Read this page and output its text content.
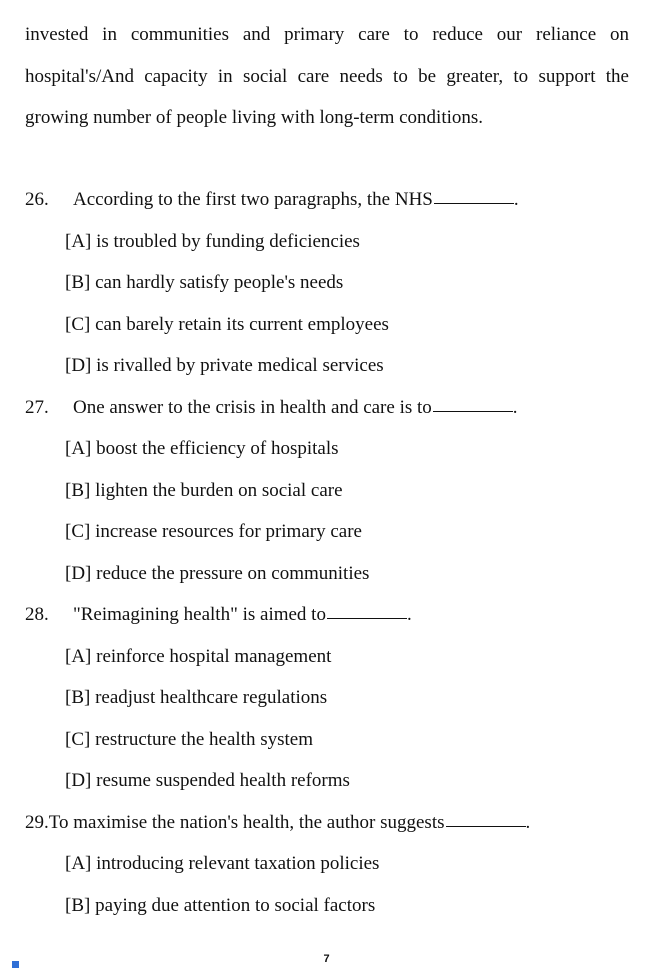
invested in communities and primary care to reduce our reliance on hospital's/And capacity in social care needs to be greater, to support the growing number of people living with long-term conditions.
26.	According to the first two paragraphs, the NHS	.
[A] is troubled by funding deficiencies
[B] can hardly satisfy people's needs
[C] can barely retain its current employees
[D] is rivalled by private medical services
27.	One answer to the crisis in health and care is to	.
[A] boost the efficiency of hospitals
[B] lighten the burden on social care
[C] increase resources for primary care
[D] reduce the pressure on communities
28.	"Reimagining health" is aimed to	.
[A] reinforce hospital management
[B] readjust healthcare regulations
[C] restructure the health system
[D] resume suspended health reforms
29. To maximise the nation's health, the author suggests	.
[A] introducing relevant taxation policies
[B] paying due attention to social factors
7
